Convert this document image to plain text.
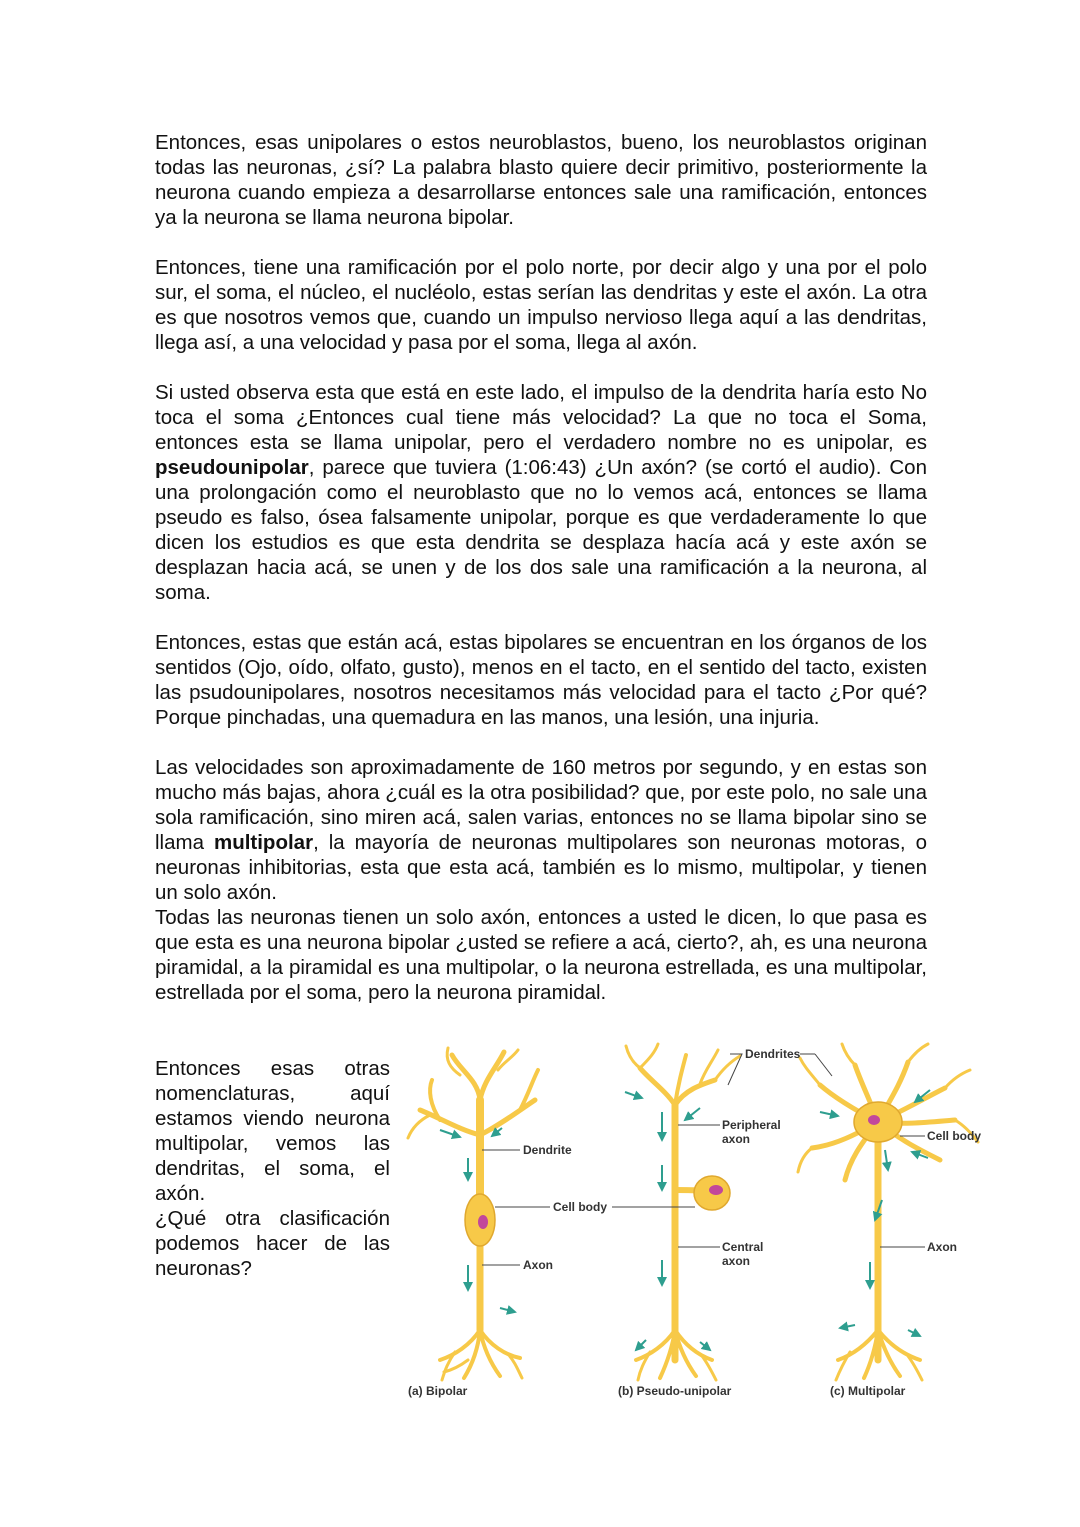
Entonces, esas unipolares o estos neuroblastos, bueno, los neuroblastos originan todas las neuronas, ¿sí? La palabra blasto quiere decir primitivo, posteriormente la neurona cuando empieza a desarrollarse entonces sale una ramificación, entonces ya la neurona se llama neurona bipolar.

Entonces, tiene una ramificación por el polo norte, por decir algo y una por el polo sur, el soma, el núcleo, el nucléolo, estas serían las dendritas y este el axón. La otra es que nosotros vemos que, cuando un impulso nervioso llega aquí a las dendritas, llega así, a una velocidad y pasa por el soma, llega al axón.

Si usted observa esta que está en este lado, el impulso de la dendrita haría esto No toca el soma ¿Entonces cual tiene más velocidad? La que no toca el Soma, entonces esta se llama unipolar, pero el verdadero nombre no es unipolar, es pseudounipolar, parece que tuviera (1:06:43) ¿Un axón? (se cortó el audio). Con una prolongación como el neuroblasto que no lo vemos acá, entonces se llama pseudo es falso, ósea falsamente unipolar, porque es que verdaderamente lo que dicen los estudios es que esta dendrita se desplaza hacía acá y este axón se desplazan hacia acá, se unen y de los dos sale una ramificación a la neurona, al soma.

Entonces, estas que están acá, estas bipolares se encuentran en los órganos de los sentidos (Ojo, oído, olfato, gusto), menos en el tacto, en el sentido del tacto, existen las psudounipolares, nosotros necesitamos más velocidad para el tacto ¿Por qué? Porque pinchadas, una quemadura en las manos, una lesión, una injuria.

Las velocidades son aproximadamente de 160 metros por segundo, y en estas son mucho más bajas, ahora ¿cuál es la otra posibilidad? que, por este polo, no sale una sola ramificación, sino miren acá, salen varias, entonces no se llama bipolar sino se llama multipolar, la mayoría de neuronas multipolares son neuronas motoras, o neuronas inhibitorias, esta que esta acá, también es lo mismo, multipolar, y tienen un solo axón.

Todas las neuronas tienen un solo axón, entonces a usted le dicen, lo que pasa es que esta es una neurona bipolar ¿usted se refiere a acá, cierto?, ah, es una neurona piramidal, a la piramidal es una multipolar, o la neurona estrellada, es una multipolar, estrellada por el soma, pero la neurona piramidal.

Entonces esas otras nomenclaturas, aquí estamos viendo neurona multipolar, vemos las dendritas, el soma, el axón.

¿Qué otra clasificación podemos hacer de las neuronas?

Dendrite
Cell body
Axon
Dendrites
Peripheral
axon
Central
axon
Cell body
Axon
(a) Bipolar	(b) Pseudo-unipolar	(c) Multipolar
